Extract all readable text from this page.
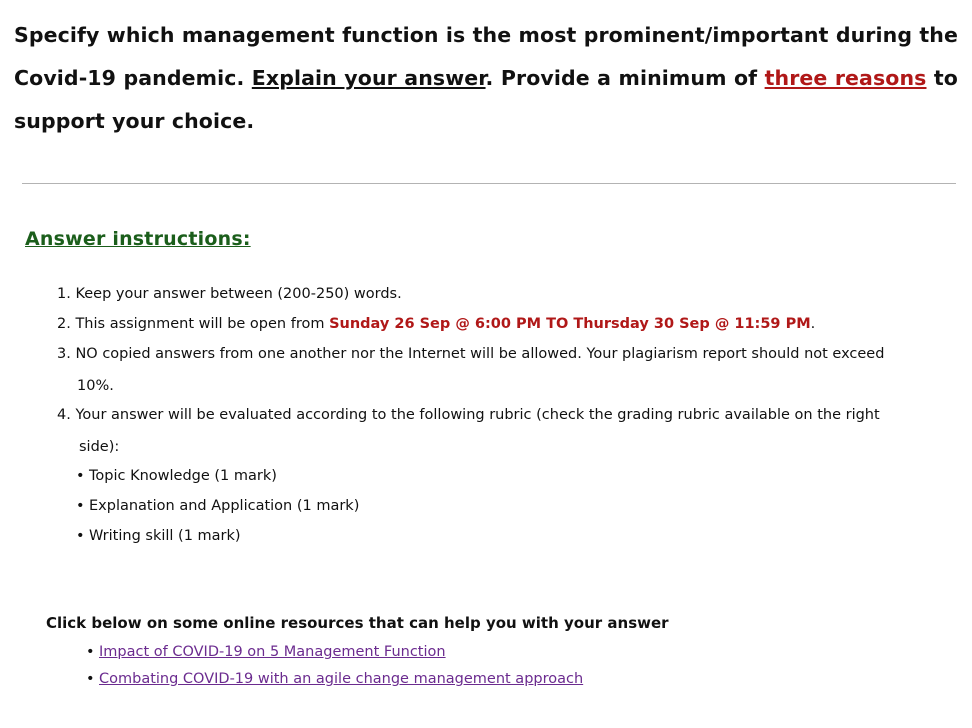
Specify which management function is the most prominent/important during the Covid-19 pandemic. Explain your answer. Provide a minimum of three reasons to support your choice.
Answer instructions:
1. Keep your answer between (200-250) words.
2. This assignment will be open from Sunday 26 Sep @ 6:00 PM TO Thursday 30 Sep @ 11:59 PM.
3. NO copied answers from one another nor the Internet will be allowed. Your plagiarism report should not exceed
10%.
4. Your answer will be evaluated according to the following rubric (check the grading rubric available on the right
side):
• Topic Knowledge (1 mark)
• Explanation and Application (1 mark)
• Writing skill (1 mark)
Click below on some online resources that can help you with your answer
• Impact of COVID-19 on 5 Management Function
• Combating COVID-19 with an agile change management approach
